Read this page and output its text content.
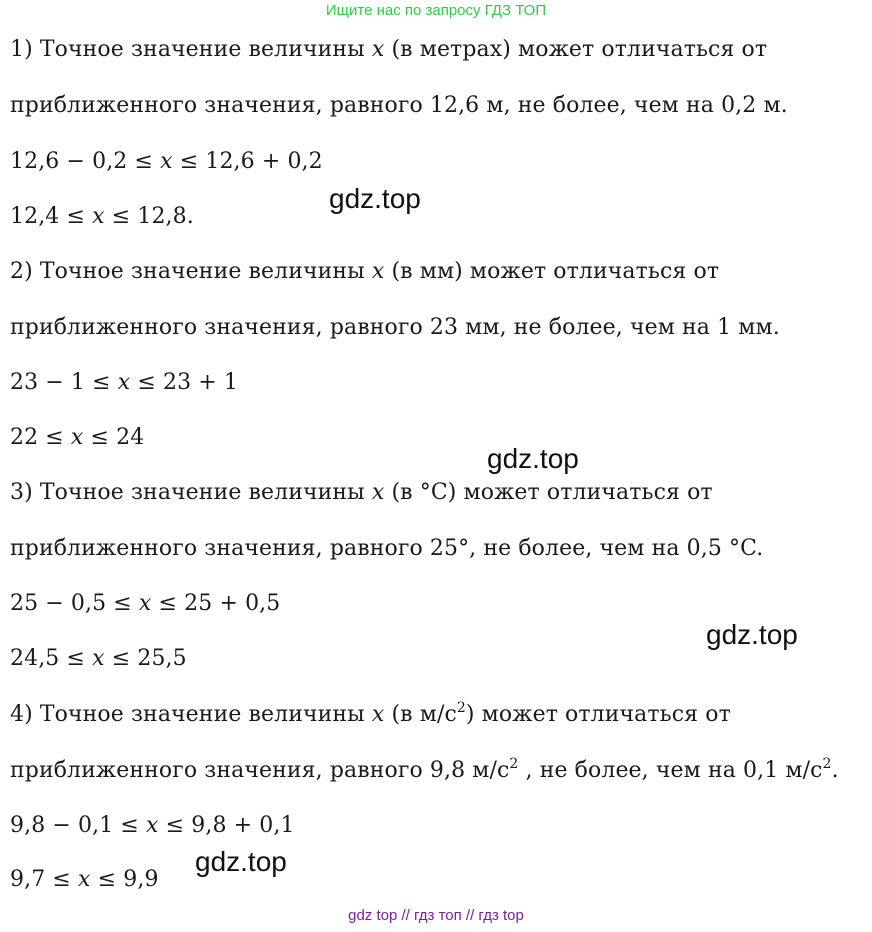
Ищите нас по запросу ГДЗ ТОП
1) Точное значение величины x (в метрах) может отличаться от
приближенного значения, равного 12,6 м, не более, чем на 0,2 м.
12,6 − 0,2 ≤ x ≤ 12,6 + 0,2
12,4 ≤ x ≤ 12,8.
2) Точное значение величины x (в мм) может отличаться от
приближенного значения, равного 23 мм, не более, чем на 1 мм.
23 − 1 ≤ x ≤ 23 + 1
22 ≤ x ≤ 24
3) Точное значение величины x (в °C) может отличаться от
приближенного значения, равного 25°, не более, чем на 0,5 °C.
25 − 0,5 ≤ x ≤ 25 + 0,5
24,5 ≤ x ≤ 25,5
4) Точное значение величины x (в $м/с^2$) может отличаться от
приближенного значения, равного 9,8 $м/с^2$ , не более, чем на 0,1 $м/с^2$.
9,8 − 0,1 ≤ x ≤ 9,8 + 0,1
9,7 ≤ x ≤ 9,9
gdz.top
gdz.top
gdz.top
gdz.top
gdz top // гдз топ // гдз top
